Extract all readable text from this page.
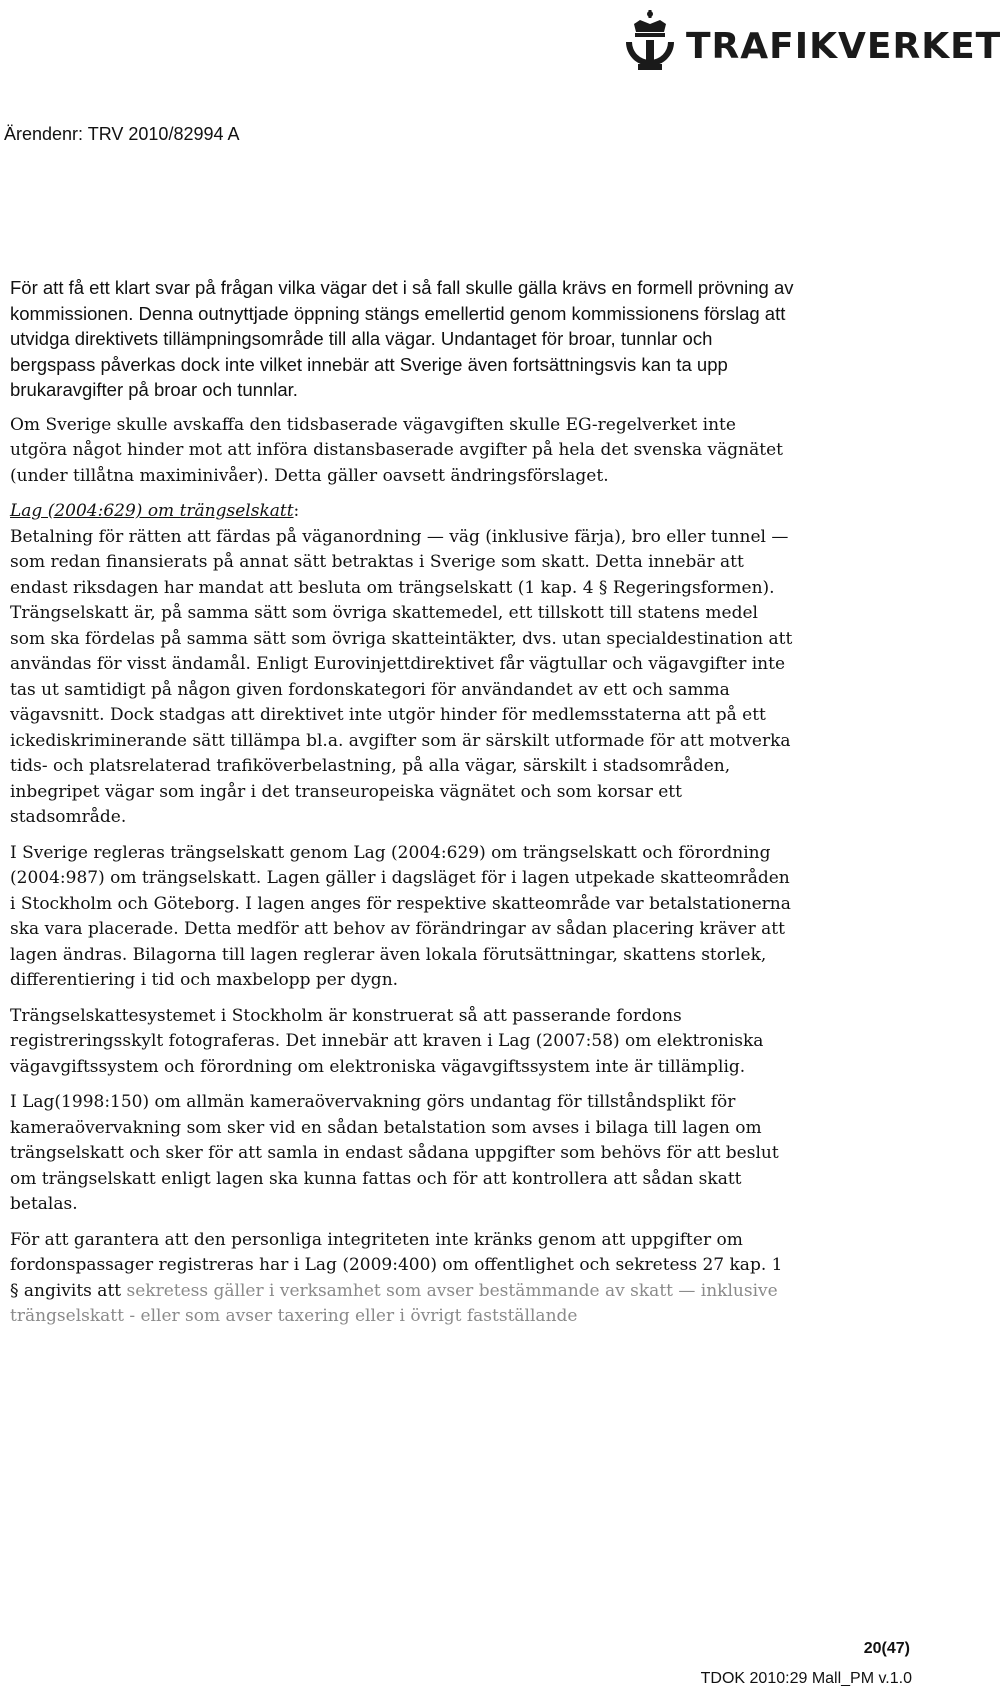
TRAFIKVERKET
Ärendenr: TRV 2010/82994 A

För att få ett klart svar på frågan vilka vägar det i så fall skulle gälla krävs en formell prövning av kommissionen. Denna outnyttjade öppning stängs emellertid genom kommissionens förslag att utvidga direktivets tillämpningsområde till alla vägar. Undantaget för broar, tunnlar och bergspass påverkas dock inte vilket innebär att Sverige även fortsättningsvis kan ta upp brukaravgifter på broar och tunnlar.

Om Sverige skulle avskaffa den tidsbaserade vägavgiften skulle EG-regelverket inte utgöra något hinder mot att införa distansbaserade avgifter på hela det svenska vägnätet (under tillåtna maximinivåer). Detta gäller oavsett ändringsförslaget.

Lag (2004:629) om trängselskatt:

Betalning för rätten att färdas på väganordning — väg (inklusive färja), bro eller tunnel — som redan finansierats på annat sätt betraktas i Sverige som skatt. Detta innebär att endast riksdagen har mandat att besluta om trängselskatt (1 kap. 4 § Regeringsformen). Trängselskatt är, på samma sätt som övriga skattemedel, ett tillskott till statens medel som ska fördelas på samma sätt som övriga skatteintäkter, dvs. utan specialdestination att användas för visst ändamål. Enligt Eurovinjettdirektivet får vägtullar och vägavgifter inte tas ut samtidigt på någon given fordonskategori för användandet av ett och samma vägavsnitt. Dock stadgas att direktivet inte utgör hinder för medlemsstaterna att på ett ickediskriminerande sätt tillämpa bl.a. avgifter som är särskilt utformade för att motverka tids- och platsrelaterad trafiköverbelastning, på alla vägar, särskilt i stadsområden, inbegripet vägar som ingår i det transeuropeiska vägnätet och som korsar ett stadsområde.

I Sverige regleras trängselskatt genom Lag (2004:629) om trängselskatt och förordning (2004:987) om trängselskatt. Lagen gäller i dagsläget för i lagen utpekade skatteområden i Stockholm och Göteborg. I lagen anges för respektive skatteområde var betalstationerna ska vara placerade. Detta medför att behov av förändringar av sådan placering kräver att lagen ändras. Bilagorna till lagen reglerar även lokala förutsättningar, skattens storlek, differentiering i tid och maxbelopp per dygn.

Trängselskattesystemet i Stockholm är konstruerat så att passerande fordons registreringsskylt fotograferas. Det innebär att kraven i Lag (2007:58) om elektroniska vägavgiftssystem och förordning om elektroniska vägavgiftssystem inte är tillämplig.

I Lag(1998:150) om allmän kameraövervakning görs undantag för tillståndsplikt för kameraövervakning som sker vid en sådan betalstation som avses i bilaga till lagen om trängselskatt och sker för att samla in endast sådana uppgifter som behövs för att beslut om trängselskatt enligt lagen ska kunna fattas och för att kontrollera att sådan skatt betalas.

För att garantera att den personliga integriteten inte kränks genom att uppgifter om fordonspassager registreras har i Lag (2009:400) om offentlighet och sekretess 27 kap. 1 § angivits att sekretess gäller i verksamhet som avser bestämmande av skatt — inklusive trängselskatt - eller som avser taxering eller i övrigt fastställande

20(47)
TDOK 2010:29 Mall_PM v.1.0
